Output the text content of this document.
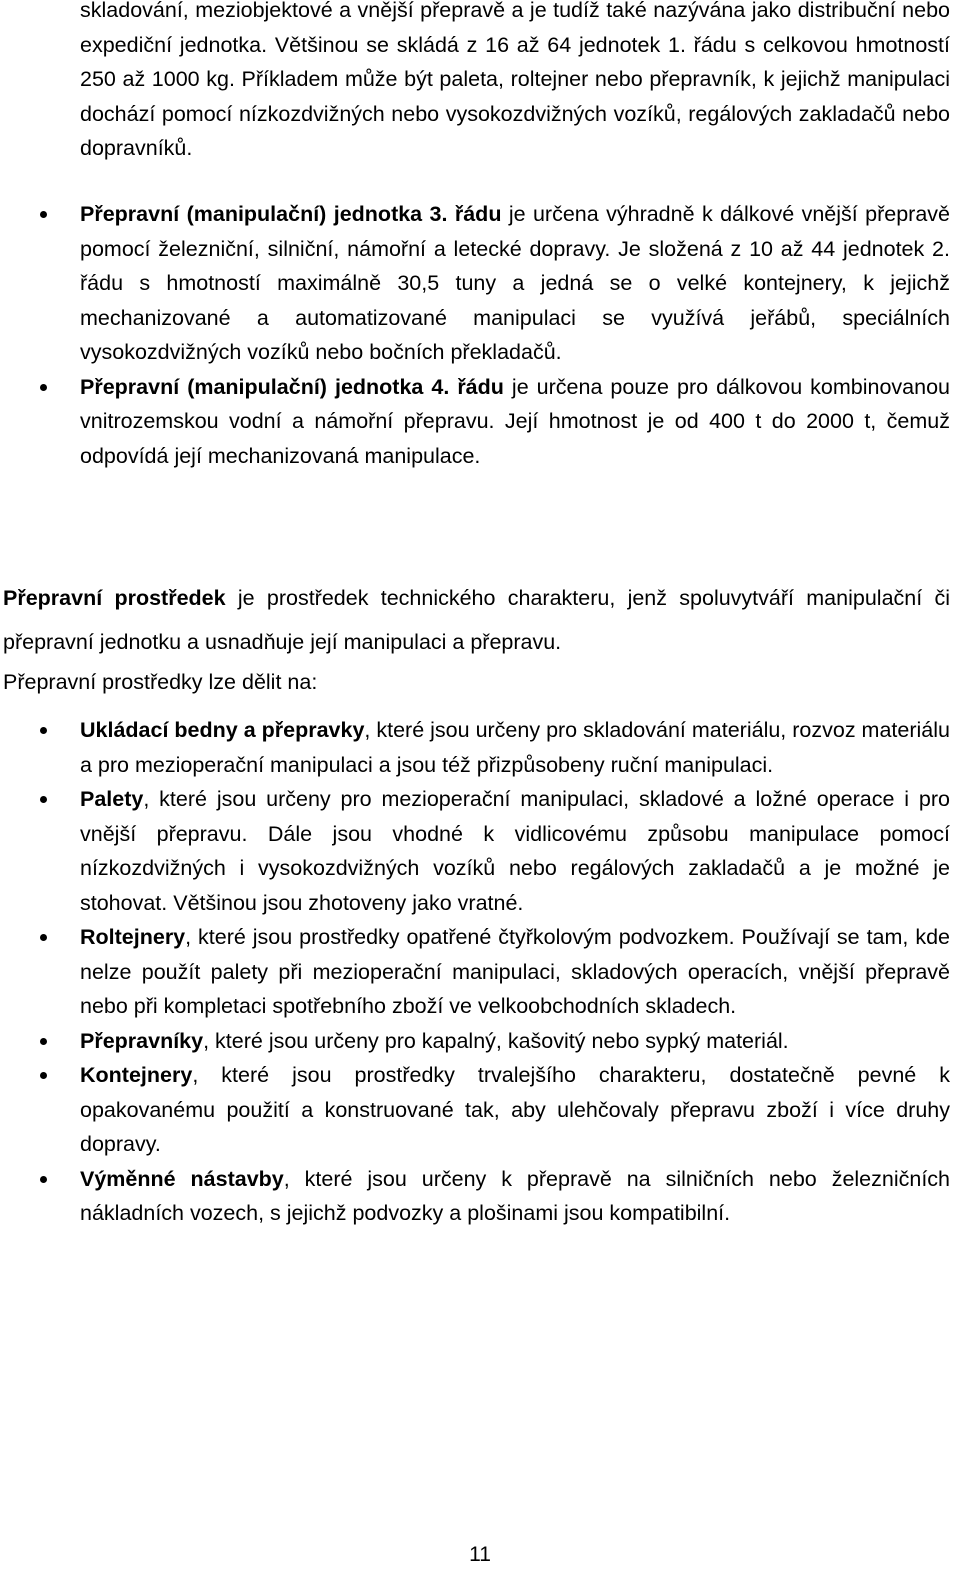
skladování, meziobjektové a vnější přepravě a je tudíž také nazývána jako distribuční nebo expediční jednotka. Většinou se skládá z 16 až 64 jednotek 1. řádu s celkovou hmotností 250 až 1000 kg. Příkladem může být paleta, roltejner nebo přepravník, k jejichž manipulaci dochází pomocí nízkozdvižných nebo vysokozdvižných vozíků, regálových zakladačů nebo dopravníků.
Přepravní (manipulační) jednotka 3. řádu je určena výhradně k dálkové vnější přepravě pomocí železniční, silniční, námořní a letecké dopravy. Je složená z 10 až 44 jednotek 2. řádu s hmotností maximálně 30,5 tuny a jedná se o velké kontejnery, k jejichž mechanizované a automatizované manipulaci se využívá jeřábů, speciálních vysokozdvižných vozíků nebo bočních překladačů.
Přepravní (manipulační) jednotka 4. řádu je určena pouze pro dálkovou kombinovanou vnitrozemskou vodní a námořní přepravu. Její hmotnost je od 400 t do 2000 t, čemuž odpovídá její mechanizovaná manipulace.
Přepravní prostředek je prostředek technického charakteru, jenž spoluvytváří manipulační či přepravní jednotku a usnadňuje její manipulaci a přepravu.
Přepravní prostředky lze dělit na:
Ukládací bedny a přepravky, které jsou určeny pro skladování materiálu, rozvoz materiálu a pro mezioperační manipulaci a jsou též přizpůsobeny ruční manipulaci.
Palety, které jsou určeny pro mezioperační manipulaci, skladové a ložné operace i pro vnější přepravu. Dále jsou vhodné k vidlicovému způsobu manipulace pomocí nízkozdvižných i vysokozdvižných vozíků nebo regálových zakladačů a je možné je stohovat. Většinou jsou zhotoveny jako vratné.
Roltejnery, které jsou prostředky opatřené čtyřkolovým podvozkem. Používají se tam, kde nelze použít palety při mezioperační manipulaci, skladových operacích, vnější přepravě nebo při kompletaci spotřebního zboží ve velkoobchodních skladech.
Přepravníky, které jsou určeny pro kapalný, kašovitý nebo sypký materiál.
Kontejnery, které jsou prostředky trvalejšího charakteru, dostatečně pevné k opakovanému použití a konstruované tak, aby ulehčovaly přepravu zboží i více druhy dopravy.
Výměnné nástavby, které jsou určeny k přepravě na silničních nebo železničních nákladních vozech, s jejichž podvozky a plošinami jsou kompatibilní.
11
